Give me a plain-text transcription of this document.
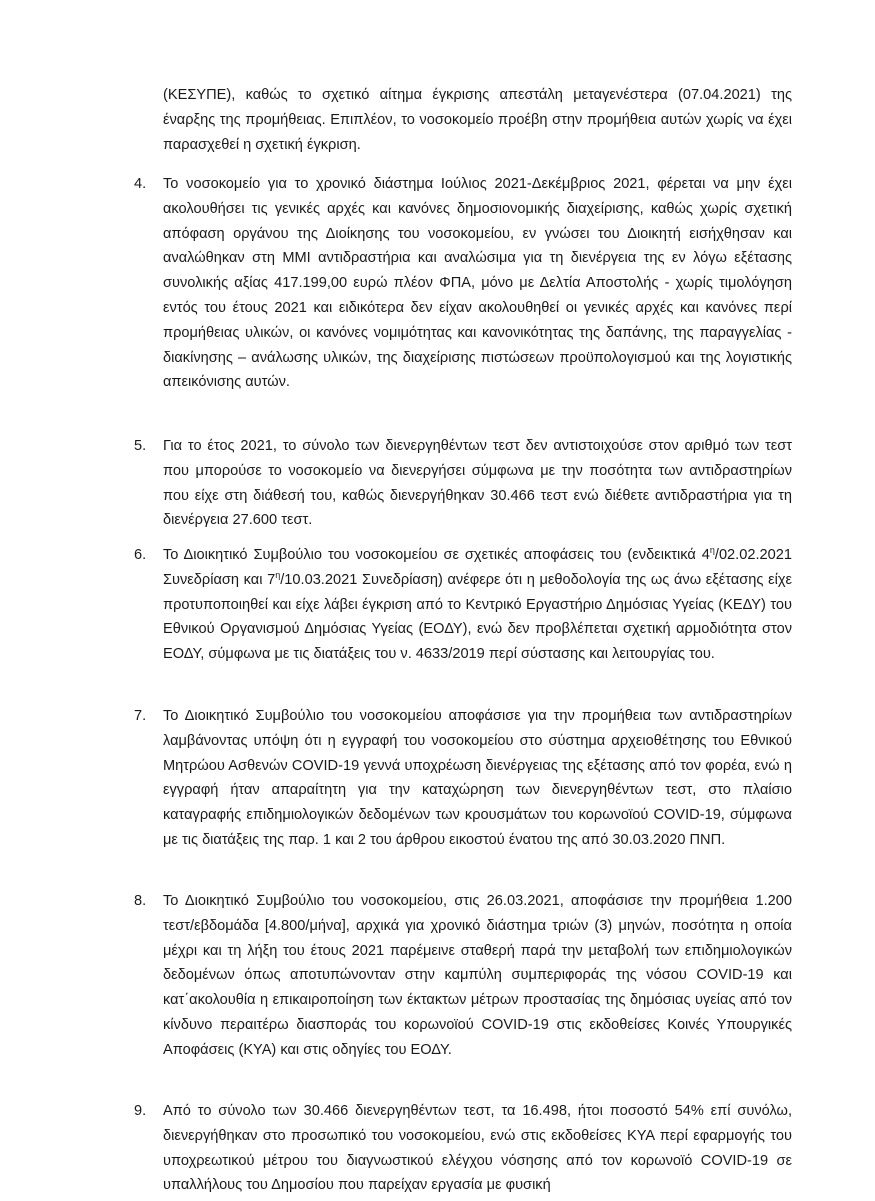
(ΚΕΣΥΠΕ), καθώς το σχετικό αίτημα έγκρισης απεστάλη μεταγενέστερα (07.04.2021) της έναρξης της προμήθειας. Επιπλέον, το νοσοκομείο προέβη στην προμήθεια αυτών χωρίς να έχει παρασχεθεί η σχετική έγκριση.

4. Το νοσοκομείο για το χρονικό διάστημα Ιούλιος 2021-Δεκέμβριος 2021, φέρεται να μην έχει ακολουθήσει τις γενικές αρχές και κανόνες δημοσιονομικής διαχείρισης, καθώς χωρίς σχετική απόφαση οργάνου της Διοίκησης του νοσοκομείου, εν γνώσει του Διοικητή εισήχθησαν και αναλώθηκαν στη ΜΜΙ αντιδραστήρια και αναλώσιμα για τη διενέργεια της εν λόγω εξέτασης συνολικής αξίας 417.199,00 ευρώ πλέον ΦΠΑ, μόνο με Δελτία Αποστολής - χωρίς τιμολόγηση εντός του έτους 2021 και ειδικότερα δεν είχαν ακολουθηθεί οι γενικές αρχές και κανόνες περί προμήθειας υλικών, οι κανόνες νομιμότητας και κανονικότητας της δαπάνης, της παραγγελίας - διακίνησης – ανάλωσης υλικών, της διαχείρισης πιστώσεων προϋπολογισμού και της λογιστικής απεικόνισης αυτών.

5. Για το έτος 2021, το σύνολο των διενεργηθέντων τεστ δεν αντιστοιχούσε στον αριθμό των τεστ που μπορούσε το νοσοκομείο να διενεργήσει σύμφωνα με την ποσότητα των αντιδραστηρίων που είχε στη διάθεσή του, καθώς διενεργήθηκαν 30.466 τεστ ενώ διέθετε αντιδραστήρια για τη διενέργεια 27.600 τεστ.

6. Το Διοικητικό Συμβούλιο του νοσοκομείου σε σχετικές αποφάσεις του (ενδεικτικά $4^\eta/02.02.2021$ Συνεδρίαση και $7^\eta/10.03.2021$ Συνεδρίαση) ανέφερε ότι η μεθοδολογία της ως άνω εξέτασης είχε προτυποποιηθεί και είχε λάβει έγκριση από το Κεντρικό Εργαστήριο Δημόσιας Υγείας (ΚΕΔΥ) του Εθνικού Οργανισμού Δημόσιας Υγείας (ΕΟΔΥ), ενώ δεν προβλέπεται σχετική αρμοδιότητα στον ΕΟΔΥ, σύμφωνα με τις διατάξεις του ν. 4633/2019 περί σύστασης και λειτουργίας του.

7. Το Διοικητικό Συμβούλιο του νοσοκομείου αποφάσισε για την προμήθεια των αντιδραστηρίων λαμβάνοντας υπόψη ότι η εγγραφή του νοσοκομείου στο σύστημα αρχειοθέτησης του Εθνικού Μητρώου Ασθενών COVID-19 γεννά υποχρέωση διενέργειας της εξέτασης από τον φορέα, ενώ η εγγραφή ήταν απαραίτητη για την καταχώρηση των διενεργηθέντων τεστ, στο πλαίσιο καταγραφής επιδημιολογικών δεδομένων των κρουσμάτων του κορωνοϊού COVID-19, σύμφωνα με τις διατάξεις της παρ. 1 και 2 του άρθρου εικοστού ένατου της από 30.03.2020 ΠΝΠ.

8. Το Διοικητικό Συμβούλιο του νοσοκομείου, στις 26.03.2021, αποφάσισε την προμήθεια 1.200 τεστ/εβδομάδα [4.800/μήνα], αρχικά για χρονικό διάστημα τριών (3) μηνών, ποσότητα η οποία μέχρι και τη λήξη του έτους 2021 παρέμεινε σταθερή παρά την μεταβολή των επιδημιολογικών δεδομένων όπως αποτυπώνονταν στην καμπύλη συμπεριφοράς της νόσου COVID-19 και κατ΄ακολουθία η επικαιροποίηση των έκτακτων μέτρων προστασίας της δημόσιας υγείας από τον κίνδυνο περαιτέρω διασποράς του κορωνοϊού COVID-19 στις εκδοθείσες Κοινές Υπουργικές Αποφάσεις (ΚΥΑ) και στις οδηγίες του ΕΟΔΥ.

9. Από το σύνολο των 30.466 διενεργηθέντων τεστ, τα 16.498, ήτοι ποσοστό 54% επί συνόλω, διενεργήθηκαν στο προσωπικό του νοσοκομείου, ενώ στις εκδοθείσες ΚΥΑ περί εφαρμογής του υποχρεωτικού μέτρου του διαγνωστικού ελέγχου νόσησης από τον κορωνοϊό COVID-19 σε υπαλλήλους του Δημοσίου που παρείχαν εργασία με φυσική
